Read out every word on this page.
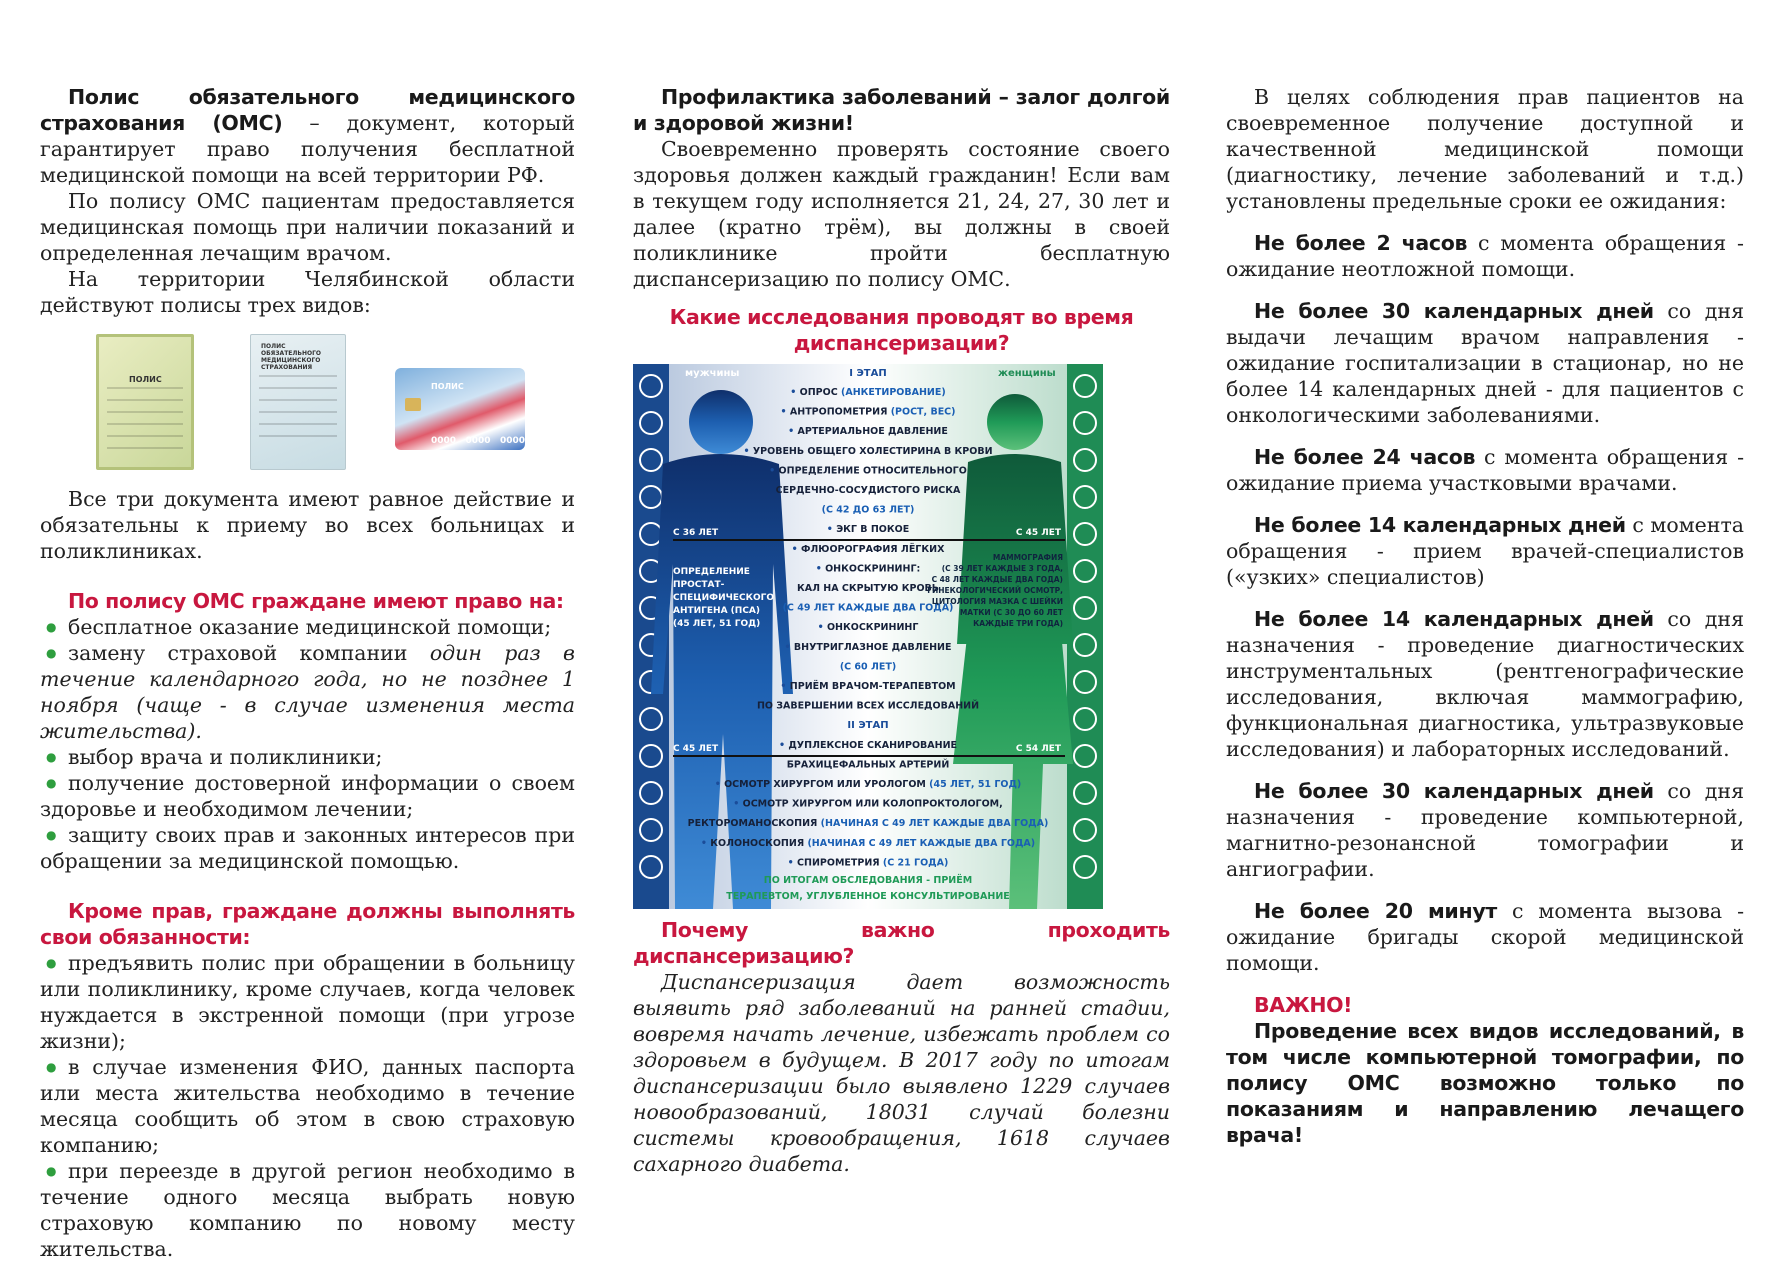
Полис обязательного медицинского страхования (ОМС) – документ, который гарантирует право получения бесплатной медицинской помощи на всей территории РФ.

По полису ОМС пациентам предоставляется медицинская помощь при наличии показаний и определенная лечащим врачом.

На территории Челябинской области действуют полисы трех видов:

ПОЛИС
ПОЛИС ОБЯЗАТЕЛЬНОГО МЕДИЦИНСКОГО СТРАХОВАНИЯ
ПОЛИС
0000 0000 0000 0000

Все три документа имеют равное действие и обязательны к приему во всех больницах и поликлиниках.

По полису ОМС граждане имеют право на:

● бесплатное оказание медицинской помощи;
● замену страховой компании один раз в течение календарного года, но не позднее 1 ноября (чаще - в случае изменения места жительства).
● выбор врача и поликлиники;
● получение достоверной информации о своем здоровье и необходимом лечении;
● защиту своих прав и законных интересов при обращении за медицинской помощью.

Кроме прав, граждане должны выполнять свои обязанности:

● предъявить полис при обращении в больницу или поликлинику, кроме случаев, когда человек нуждается в экстренной помощи (при угрозе жизни);
● в случае изменения ФИО, данных паспорта или места жительства необходимо в течение месяца сообщить об этом в свою страховую компанию;
● при переезде в другой регион необходимо в течение одного месяца выбрать новую страховую компанию по новому месту жительства.

Профилактика заболеваний – залог долгой и здоровой жизни!

Своевременно проверять состояние своего здоровья должен каждый гражданин! Если вам в текущем году исполняется 21, 24, 27, 30 лет и далее (кратно трём), вы должны в своей поликлинике пройти бесплатную диспансеризацию по полису ОМС.

Какие исследования проводят во время диспансеризации?

мужчины	женщины
I ЭТАП
• ОПРОС (АНКЕТИРОВАНИЕ)
• АНТРОПОМЕТРИЯ (РОСТ, ВЕС)
• АРТЕРИАЛЬНОЕ ДАВЛЕНИЕ
• УРОВЕНЬ ОБЩЕГО ХОЛЕСТИРИНА В КРОВИ
• ОПРЕДЕЛЕНИЕ ОТНОСИТЕЛЬНОГО
СЕРДЕЧНО-СОСУДИСТОГО РИСКА
(С 42 ДО 63 ЛЕТ)
• ЭКГ В ПОКОЕ
• ФЛЮОРОГРАФИЯ ЛЁГКИХ
• ОНКОСКРИНИНГ:
КАЛ НА СКРЫТУЮ КРОВЬ
(С 49 ЛЕТ КАЖДЫЕ ДВА ГОДА)
• ОНКОСКРИНИНГ
• ВНУТРИГЛАЗНОЕ ДАВЛЕНИЕ
(С 60 ЛЕТ)
• ПРИЁМ ВРАЧОМ-ТЕРАПЕВТОМ
ПО ЗАВЕРШЕНИИ ВСЕХ ИССЛЕДОВАНИЙ
II ЭТАП
• ДУПЛЕКСНОЕ СКАНИРОВАНИЕ
БРАХИЦЕФАЛЬНЫХ АРТЕРИЙ
• ОСМОТР ХИРУРГОМ ИЛИ УРОЛОГОМ (45 ЛЕТ, 51 ГОД)
• ОСМОТР ХИРУРГОМ ИЛИ КОЛОПРОКТОЛОГОМ,
РЕКТОРОМАНОСКОПИЯ (НАЧИНАЯ С 49 ЛЕТ КАЖДЫЕ ДВА ГОДА)
• КОЛОНОСКОПИЯ (НАЧИНАЯ С 49 ЛЕТ КАЖДЫЕ ДВА ГОДА)
• СПИРОМЕТРИЯ (С 21 ГОДА)
ПО ИТОГАМ ОБСЛЕДОВАНИЯ - ПРИЁМ
ТЕРАПЕВТОМ, УГЛУБЛЕННОЕ КОНСУЛЬТИРОВАНИЕ
С 36 ЛЕТ	С 45 ЛЕТ
С 45 ЛЕТ	С 54 ЛЕТ
ОПРЕДЕЛЕНИЕ
ПРОСТАТ-
СПЕЦИФИЧЕСКОГО
АНТИГЕНА (ПСА)
(45 ЛЕТ, 51 ГОД)
МАММОГРАФИЯ
(С 39 ЛЕТ КАЖДЫЕ 3 ГОДА,
С 48 ЛЕТ КАЖДЫЕ ДВА ГОДА)
ГИНЕКОЛОГИЧЕСКИЙ ОСМОТР,
ЦИТОЛОГИЯ МАЗКА С ШЕЙКИ
МАТКИ (С 30 ДО 60 ЛЕТ
КАЖДЫЕ ТРИ ГОДА)

Почему важно проходить диспансеризацию?

Диспансеризация дает возможность выявить ряд заболеваний на ранней стадии, вовремя начать лечение, избежать проблем со здоровьем в будущем. В 2017 году по итогам диспансеризации было выявлено 1229 случаев новообразований, 18031 случай болезни системы кровообращения, 1618 случаев сахарного диабета.

В целях соблюдения прав пациентов на своевременное получение доступной и качественной медицинской помощи (диагностику, лечение заболеваний и т.д.) установлены предельные сроки ее ожидания:

Не более 2 часов с момента обращения - ожидание неотложной помощи.

Не более 30 календарных дней со дня выдачи лечащим врачом направления - ожидание госпитализации в стационар, но не более 14 календарных дней - для пациентов с онкологическими заболеваниями.

Не более 24 часов с момента обращения - ожидание приема участковыми врачами.

Не более 14 календарных дней с момента обращения - прием врачей-специалистов («узких» специалистов)

Не более 14 календарных дней со дня назначения - проведение диагностических инструментальных (рентгенографические исследования, включая маммографию, функциональная диагностика, ультразвуковые исследования) и лабораторных исследований.

Не более 30 календарных дней со дня назначения - проведение компьютерной, магнитно-резонансной томографии и ангиографии.

Не более 20 минут с момента вызова - ожидание бригады скорой медицинской помощи.

ВАЖНО!

Проведение всех видов исследований, в том числе компьютерной томографии, по полису ОМС возможно только по показаниям и направлению лечащего врача!
